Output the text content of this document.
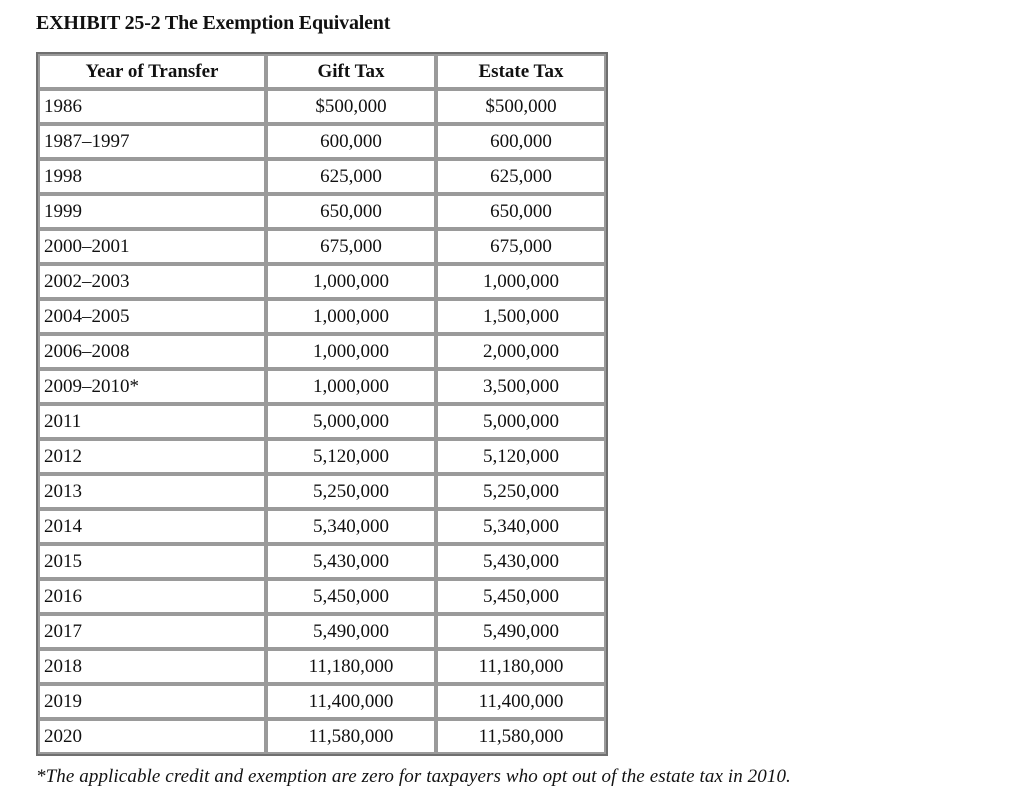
EXHIBIT 25-2 The Exemption Equivalent
Year of Transfer	Gift Tax	Estate Tax
1986	$500,000	$500,000
1987–1997	600,000	600,000
1998	625,000	625,000
1999	650,000	650,000
2000–2001	675,000	675,000
2002–2003	1,000,000	1,000,000
2004–2005	1,000,000	1,500,000
2006–2008	1,000,000	2,000,000
2009–2010*	1,000,000	3,500,000
2011	5,000,000	5,000,000
2012	5,120,000	5,120,000
2013	5,250,000	5,250,000
2014	5,340,000	5,340,000
2015	5,430,000	5,430,000
2016	5,450,000	5,450,000
2017	5,490,000	5,490,000
2018	11,180,000	11,180,000
2019	11,400,000	11,400,000
2020	11,580,000	11,580,000
*The applicable credit and exemption are zero for taxpayers who opt out of the estate tax in 2010.
